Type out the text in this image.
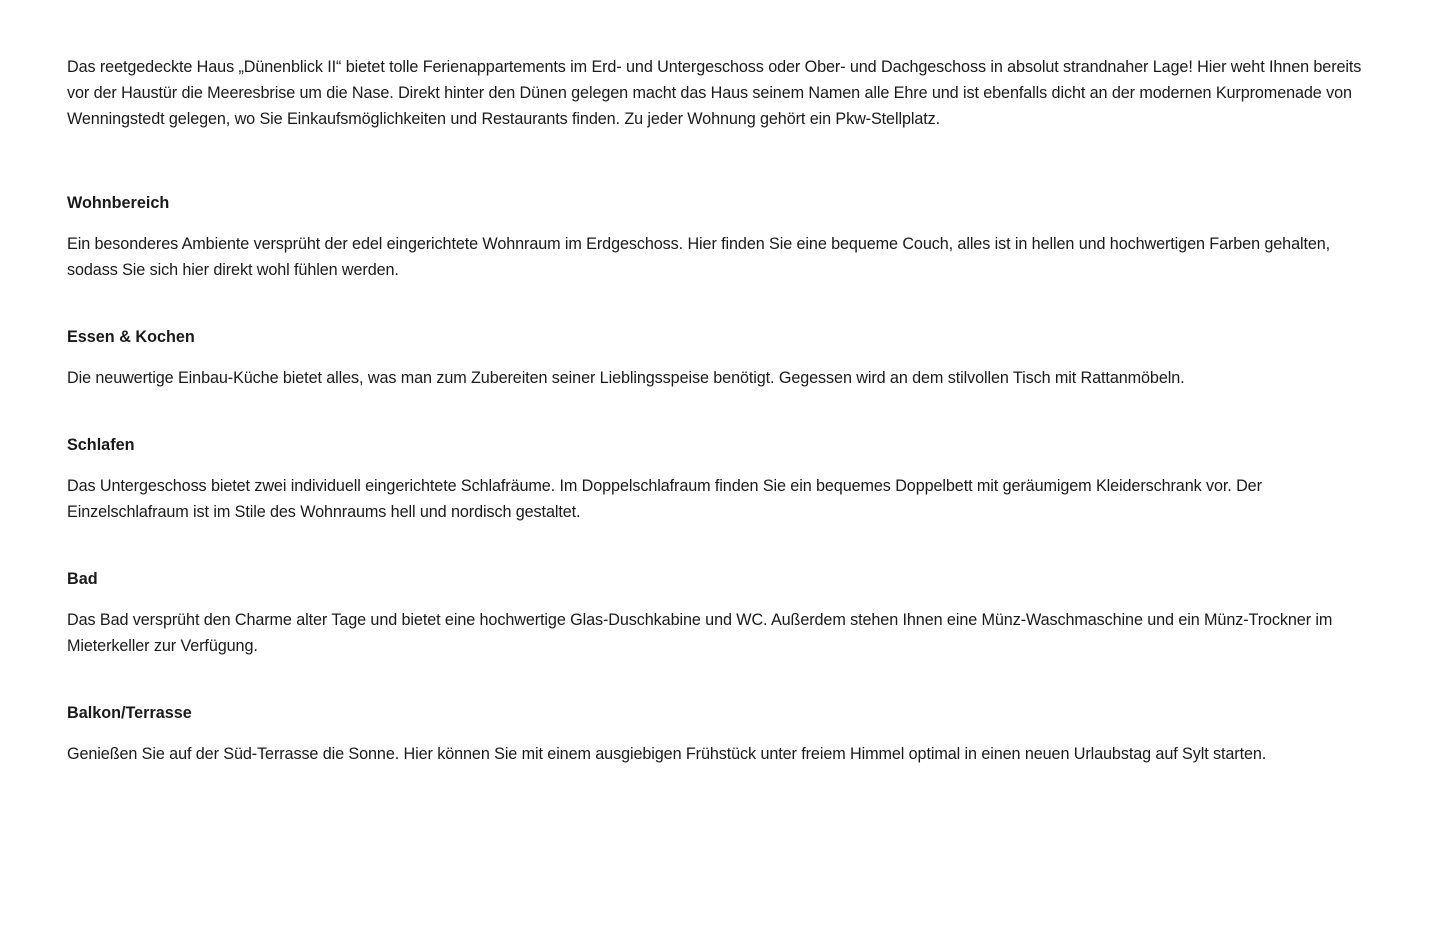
Das reetgedeckte Haus „Dünenblick II“ bietet tolle Ferienappartements im Erd- und Untergeschoss oder Ober- und Dachgeschoss in absolut strandnaher Lage! Hier weht Ihnen bereits vor der Haustür die Meeresbrise um die Nase. Direkt hinter den Dünen gelegen macht das Haus seinem Namen alle Ehre und ist ebenfalls dicht an der modernen Kurpromenade von Wenningstedt gelegen, wo Sie Einkaufsmöglichkeiten und Restaurants finden. Zu jeder Wohnung gehört ein Pkw-Stellplatz.

Wohnbereich

Ein besonderes Ambiente versprüht der edel eingerichtete Wohnraum im Erdgeschoss. Hier finden Sie eine bequeme Couch, alles ist in hellen und hochwertigen Farben gehalten, sodass Sie sich hier direkt wohl fühlen werden.

Essen & Kochen

Die neuwertige Einbau-Küche bietet alles, was man zum Zubereiten seiner Lieblingsspeise benötigt. Gegessen wird an dem stilvollen Tisch mit Rattanmöbeln.

Schlafen

Das Untergeschoss bietet zwei individuell eingerichtete Schlafräume. Im Doppelschlafraum finden Sie ein bequemes Doppelbett mit geräumigem Kleiderschrank vor. Der Einzelschlafraum ist im Stile des Wohnraums hell und nordisch gestaltet.

Bad

Das Bad versprüht den Charme alter Tage und bietet eine hochwertige Glas-Duschkabine und WC. Außerdem stehen Ihnen eine Münz-Waschmaschine und ein Münz-Trockner im Mieterkeller zur Verfügung.

Balkon/Terrasse

Genießen Sie auf der Süd-Terrasse die Sonne. Hier können Sie mit einem ausgiebigen Frühstück unter freiem Himmel optimal in einen neuen Urlaubstag auf Sylt starten.
